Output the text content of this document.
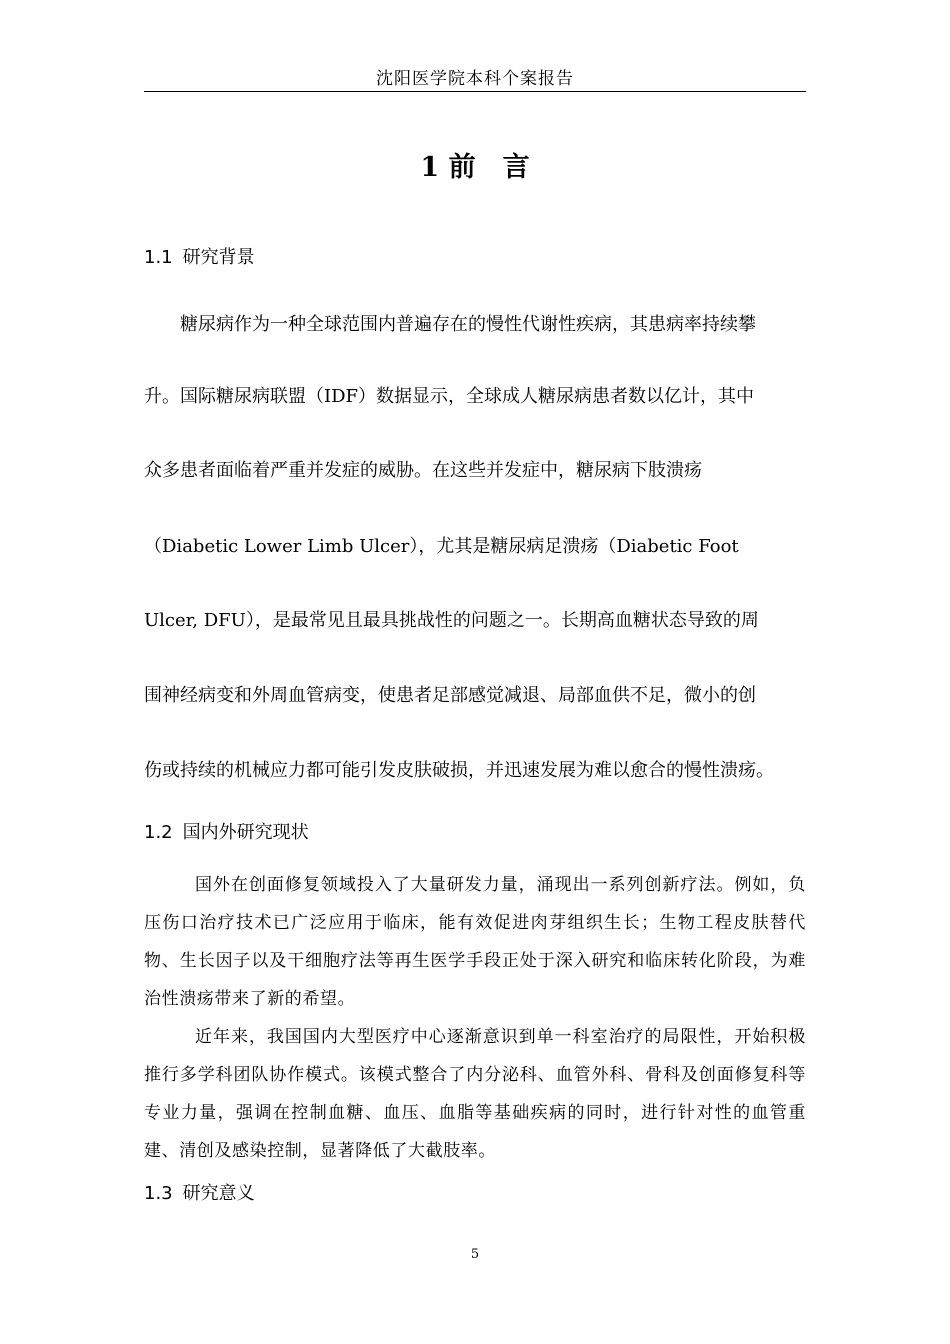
沈阳医学院本科个案报告
1 前　言
1.1 研究背景
　　糖尿病作为一种全球范围内普遍存在的慢性代谢性疾病，其患病率持续攀
升。国际糖尿病联盟（IDF）数据显示，全球成人糖尿病患者数以亿计，其中
众多患者面临着严重并发症的威胁。在这些并发症中，糖尿病下肢溃疡
（Diabetic Lower Limb Ulcer），尤其是糖尿病足溃疡（Diabetic Foot
Ulcer, DFU），是最常见且最具挑战性的问题之一。长期高血糖状态导致的周
围神经病变和外周血管病变，使患者足部感觉减退、局部血供不足，微小的创
伤或持续的机械应力都可能引发皮肤破损，并迅速发展为难以愈合的慢性溃疡。
1.2 国内外研究现状

国外在创面修复领域投入了大量研发力量，涌现出一系列创新疗法。例如，负压伤口治疗技术已广泛应用于临床，能有效促进肉芽组织生长；生物工程皮肤替代物、生长因子以及干细胞疗法等再生医学手段正处于深入研究和临床转化阶段，为难治性溃疡带来了新的希望。

近年来，我国国内大型医疗中心逐渐意识到单一科室治疗的局限性，开始积极推行多学科团队协作模式。该模式整合了内分泌科、血管外科、骨科及创面修复科等专业力量，强调在控制血糖、血压、血脂等基础疾病的同时，进行针对性的血管重建、清创及感染控制，显著降低了大截肢率。

1.3 研究意义
5
